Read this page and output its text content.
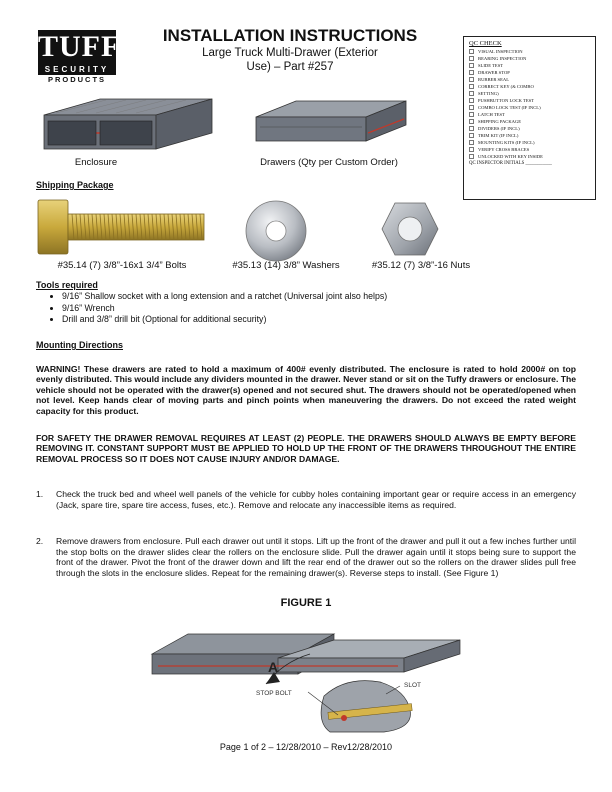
TUFFY
SECURITY
PRODUCTS
INSTALLATION INSTRUCTIONS
Large Truck Multi-Drawer (Exterior
Use) – Part #257
QC CHECK
VISUAL INSPECTION
BEARING INSPECTION
SLIDE TEST
DRAWER STOP
RUBBER SEAL
CORRECT KEY (& COMBO
SETTING)
PUSHBUTTON LOCK TEST
COMBO LOCK TEST (IF INCL)
LATCH TEST
SHIPPING PACKAGE
DIVIDERS (IF INCL)
TRIM KIT (IF INCL)
MOUNTING KITS (IF INCL)
VERIFY CROSS BRACES
UNLOCKED WITH KEY INSIDE
QC INSPECTOR INITIALS ___________
Enclosure	Drawers (Qty per Custom Order)
Shipping Package
#35.14 (7) 3/8”-16x1 3/4” Bolts	#35.13 (14) 3/8” Washers	#35.12 (7) 3/8”-16 Nuts
Tools required
• 9/16” Shallow socket with a long extension and a ratchet (Universal joint also helps)
• 9/16” Wrench
• Drill and 3/8” drill bit (Optional for additional security)
Mounting Directions
WARNING! These drawers are rated to hold a maximum of 400# evenly distributed. The enclosure is rated to hold 2000# on top evenly distributed. This would include any dividers mounted in the drawer. Never stand or sit on the Tuffy drawers or enclosure. The vehicle should not be operated with the drawer(s) opened and not secured shut. The drawers should not be operated/opened when not level. Keep hands clear of moving parts and pinch points when maneuvering the drawers. Do not exceed the rated weight capacity for this product.
FOR SAFETY THE DRAWER REMOVAL REQUIRES AT LEAST (2) PEOPLE. THE DRAWERS SHOULD ALWAYS BE EMPTY BEFORE REMOVING IT. CONSTANT SUPPORT MUST BE APPLIED TO HOLD UP THE FRONT OF THE DRAWERS THROUGHOUT THE ENTIRE REMOVAL PROCESS SO IT DOES NOT CAUSE INJURY AND/OR DAMAGE.
1.	Check the truck bed and wheel well panels of the vehicle for cubby holes containing important gear or require access in an emergency (Jack, spare tire, spare tire access, fuses, etc.). Remove and relocate any inaccessible items as required.
2.	Remove drawers from enclosure. Pull each drawer out until it stops. Lift up the front of the drawer and pull it out a few inches further until the stop bolts on the drawer slides clear the rollers on the enclosure slide. Pull the drawer again until it stops being sure to support the front of the drawer. Pivot the front of the drawer down and lift the rear end of the drawer out so the rollers on the drawer slides pull free through the slots in the enclosure slides. Repeat for the remaining drawer(s). Reverse steps to install. (See Figure 1)
FIGURE 1
A
SLOT
STOP BOLT
Page 1 of 2 – 12/28/2010 – Rev12/28/2010
